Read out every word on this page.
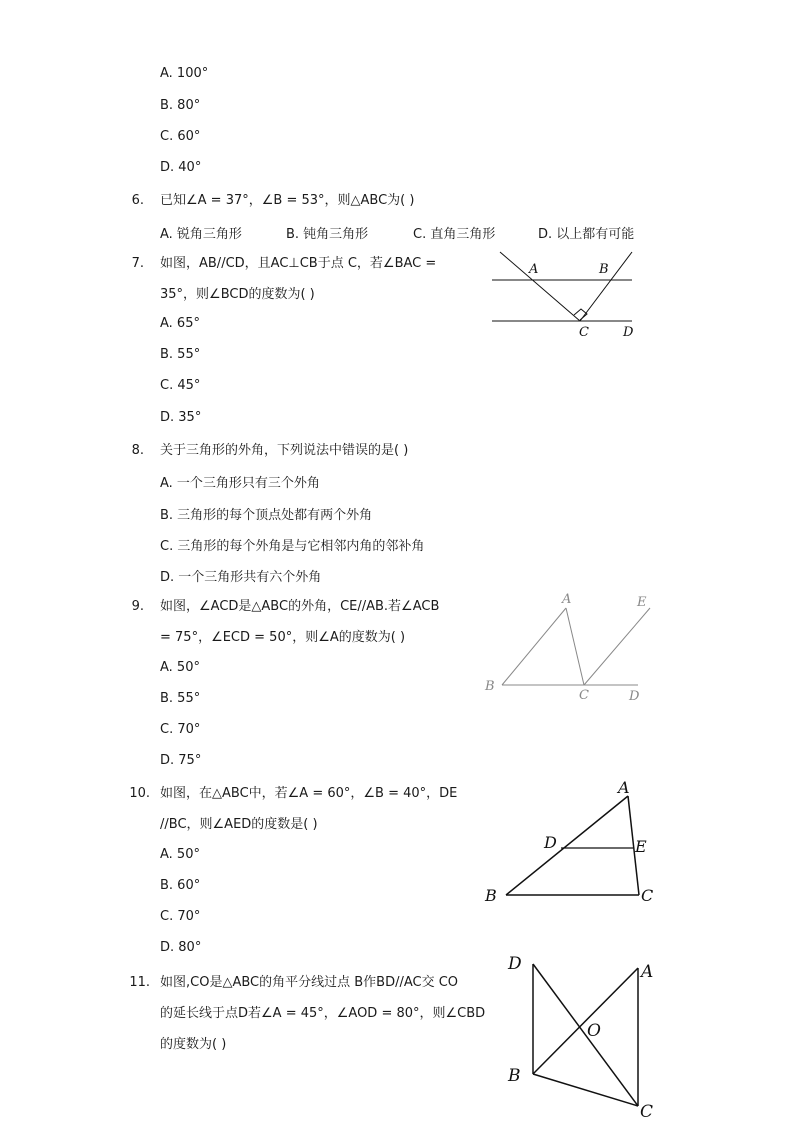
A. 100°
B. 80°
C. 60°
D. 40°
6. 已知∠A = 37°，∠B = 53°，则△ABC为( )
A. 锐角三角形	B. 钝角三角形	C. 直角三角形	D. 以上都有可能
7. 如图，AB//CD，且AC⊥CB于点 C，若∠BAC =
35°，则∠BCD的度数为( )
A. 65°
B. 55°
C. 45°
D. 35°
A	B
C	D
8. 关于三角形的外角，下列说法中错误的是( )
A. 一个三角形只有三个外角
B. 三角形的每个顶点处都有两个外角
C. 三角形的每个外角是与它相邻内角的邻补角
D. 一个三角形共有六个外角
9. 如图，∠ACD是△ABC的外角，CE//AB.若∠ACB
= 75°，∠ECD = 50°，则∠A的度数为( )
A. 50°
B. 55°
C. 70°
D. 75°
A	E
B
C	D
10. 如图，在△ABC中，若∠A = 60°，∠B = 40°，DE
//BC，则∠AED的度数是( )
A. 50°
B. 60°
C. 70°
D. 80°
A
D	E
B	C
11. 如图,CO是△ABC的角平分线过点 B作BD//AC交 CO
的延长线于点D若∠A = 45°，∠AOD = 80°，则∠CBD
的度数为( )
D	A
O
B
C
